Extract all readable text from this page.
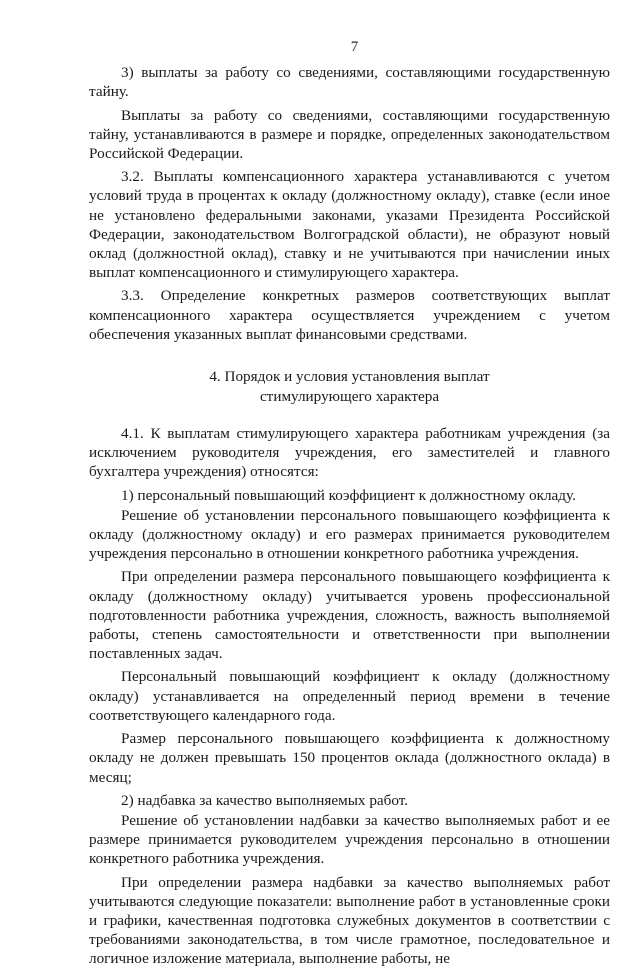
7

3) выплаты за работу со сведениями, составляющими государственную тайну.

Выплаты за работу со сведениями, составляющими государственную тайну, устанавливаются в размере и порядке, определенных законодательством Российской Федерации.

3.2. Выплаты компенсационного характера устанавливаются с учетом условий труда в процентах к окладу (должностному окладу), ставке (если иное не установлено федеральными законами, указами Президента Российской Федерации, законодательством Волгоградской области), не образуют новый оклад (должностной оклад), ставку и не учитываются при начислении иных выплат компенсационного и стимулирующего характера.

3.3. Определение конкретных размеров соответствующих выплат компенсационного характера осуществляется учреждением с учетом обеспечения указанных выплат финансовыми средствами.

4. Порядок и условия установления выплат
стимулирующего характера

4.1. К выплатам стимулирующего характера работникам учреждения (за исключением руководителя учреждения, его заместителей и главного бухгалтера учреждения) относятся:

1) персональный повышающий коэффициент к должностному окладу.

Решение об установлении персонального повышающего коэффициента к окладу (должностному окладу) и его размерах принимается руководителем учреждения персонально в отношении конкретного работника учреждения.

При определении размера персонального повышающего коэффициента к окладу (должностному окладу) учитывается уровень профессиональной подготовленности работника учреждения, сложность, важность выполняемой работы, степень самостоятельности и ответственности при выполнении поставленных задач.

Персональный повышающий коэффициент к окладу (должностному окладу) устанавливается на определенный период времени в течение соответствующего календарного года.

Размер персонального повышающего коэффициента к должностному окладу не должен превышать 150 процентов оклада (должностного оклада) в месяц;

2) надбавка за качество выполняемых работ.

Решение об установлении надбавки за качество выполняемых работ и ее размере принимается руководителем учреждения персонально в отношении конкретного работника учреждения.

При определении размера надбавки за качество выполняемых работ учитываются следующие показатели: выполнение работ в установленные сроки и графики, качественная подготовка служебных документов в соответствии с требованиями законодательства, в том числе грамотное, последовательное и логичное изложение материала, выполнение работы, не
